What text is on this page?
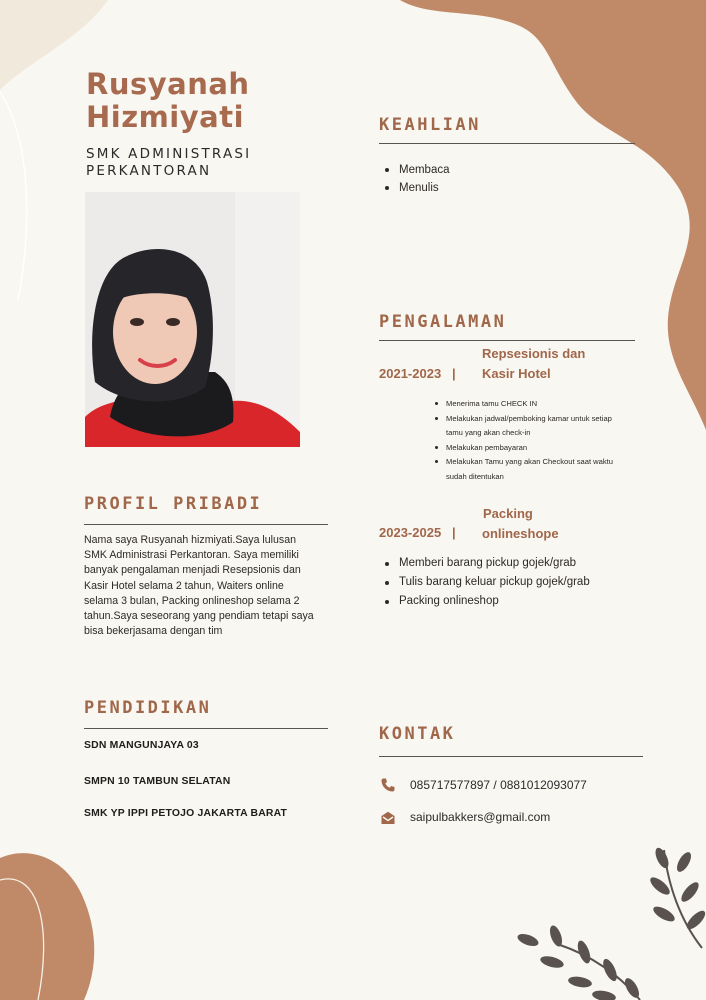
Rusyanah
Hizmiyati
SMK ADMINISTRASI
PERKANTORAN
KEAHLIAN
Membaca
Menulis
PENGALAMAN
2021-2023   |
Repsesionis dan
Kasir Hotel
Menerima tamu CHECK IN
Melakukan jadwal/pemboking kamar untuk setiap tamu yang akan check-in
Melakukan pembayaran
Melakukan Tamu yang akan Checkout saat waktu sudah ditentukan
2023-2025   |
Packing
onlineshope
Memberi barang pickup gojek/grab
Tulis barang keluar pickup gojek/grab
Packing onlineshop
PROFIL PRIBADI
Nama saya Rusyanah hizmiyati.Saya lulusan SMK Administrasi Perkantoran. Saya memiliki banyak pengalaman menjadi Resepsionis dan Kasir Hotel selama 2 tahun, Waiters online selama 3 bulan, Packing onlineshop selama 2 tahun.Saya seseorang yang pendiam tetapi saya bisa bekerjasama dengan tim
PENDIDIKAN
SDN MANGUNJAYA 03
SMPN 10 TAMBUN SELATAN
SMK YP IPPI PETOJO JAKARTA BARAT
KONTAK
085717577897 / 0881012093077
saipulbakkers@gmail.com
